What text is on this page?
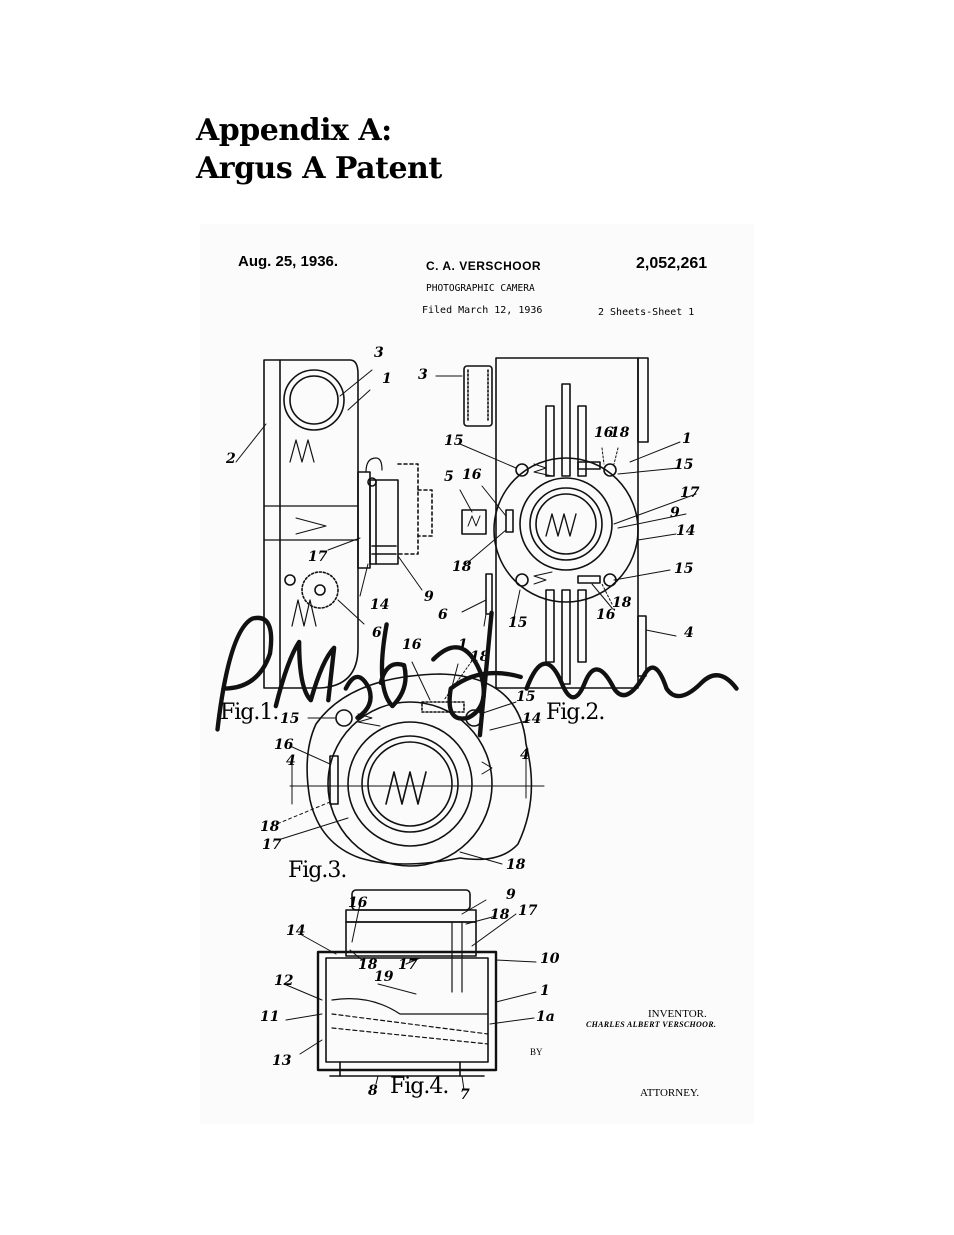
Appendix A:
Argus A Patent
Aug. 25, 1936.	C. A. VERSCHOOR	2,052,261
PHOTOGRAPHIC CAMERA
Filed March 12, 1936	2 Sheets-Sheet 1
Fig.1.	Fig.2.
Fig.3.
Fig.4.
3
1
2
17
14 9
6
3
15	16
18	1
15
5 16
17
9
14
18	15
6	15	16
18
4
16	1
18
15
15	14
16
4	4
18
17
18
9
16
18 17
14
18 17	10
12	19
1
11	1a
13
8	7
INVENTOR.
CHARLES ALBERT VERSCHOOR.
BY
ATTORNEY.
